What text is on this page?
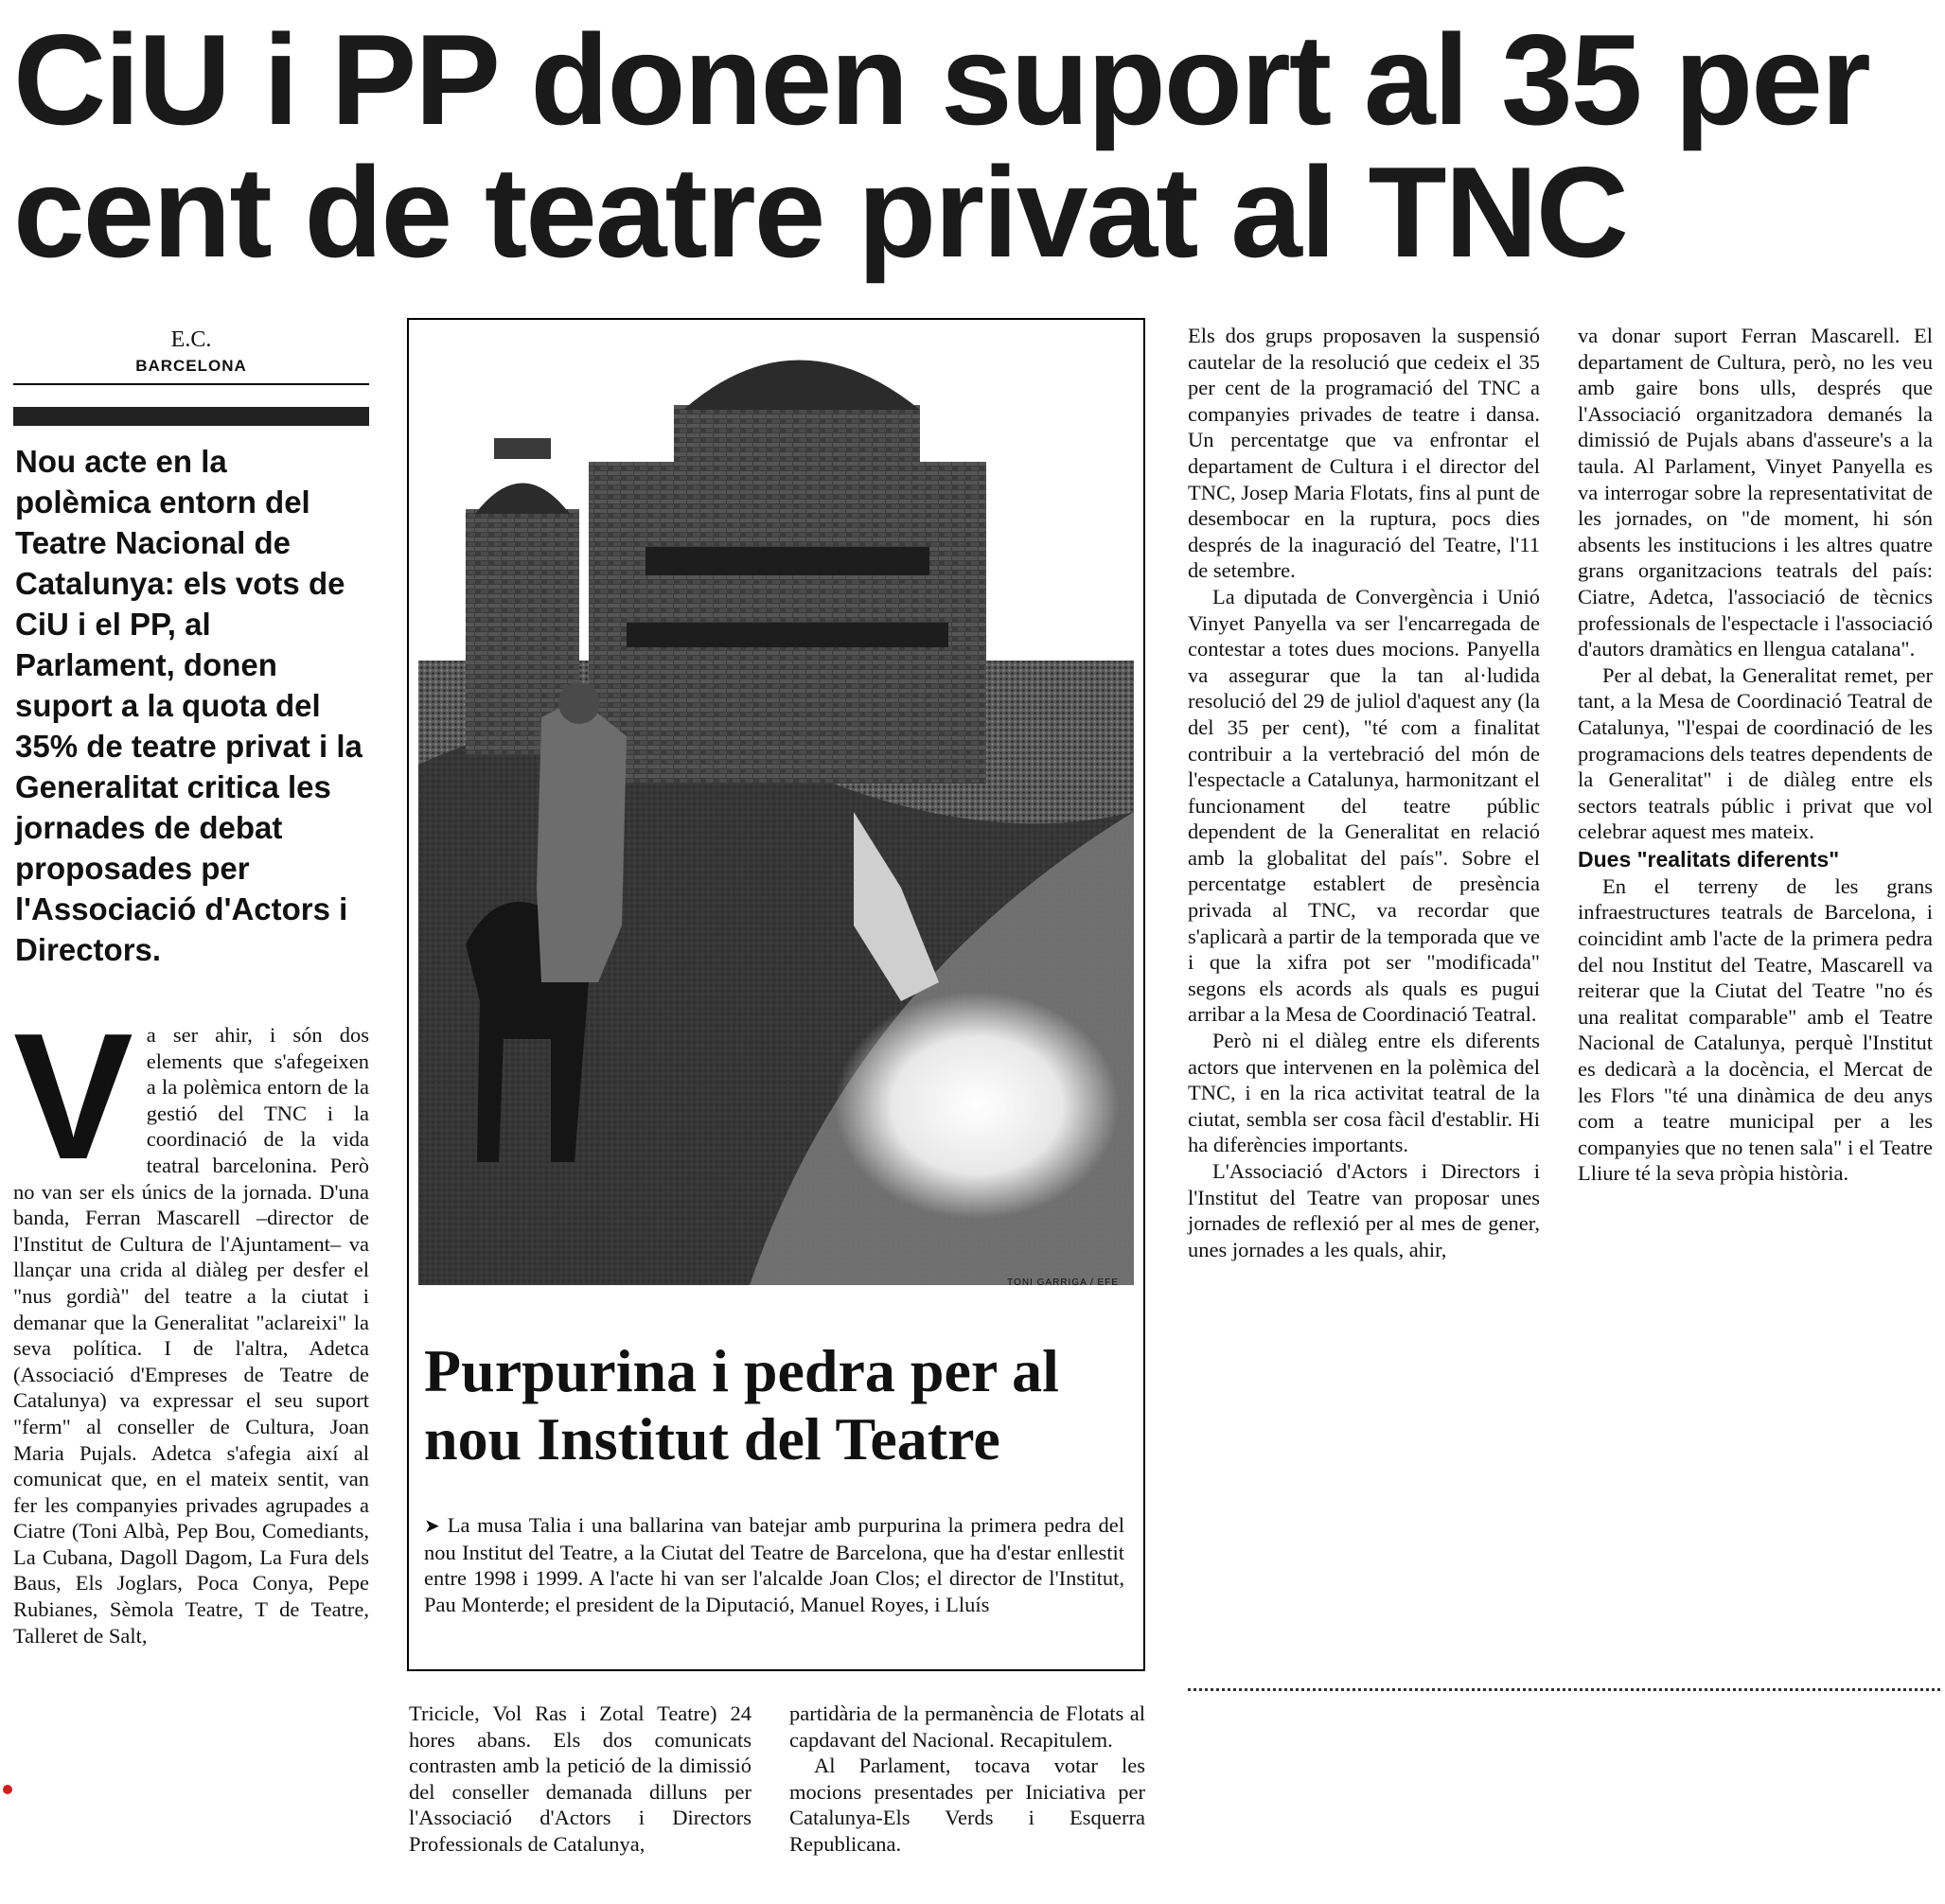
CiU i PP donen suport al 35 per
cent de teatre privat al TNC
E.C.
BARCELONA

Nou acte en la polèmica entorn del Teatre Nacional de Catalunya: els vots de CiU i el PP, al Parlament, donen suport a la quota del 35% de teatre privat i la Generalitat critica les jornades de debat proposades per l'Associació d'Actors i Directors.

Va ser ahir, i són dos elements que s'afegeixen a la polèmica entorn de la gestió del TNC i la coordinació de la vida teatral barcelonina. Però no van ser els únics de la jornada. D'una banda, Ferran Mascarell –director de l'Institut de Cultura de l'Ajuntament– va llançar una crida al diàleg per desfer el "nus gordià" del teatre a la ciutat i demanar que la Generalitat "aclareixi" la seva política. I de l'altra, Adetca (Associació d'Empreses de Teatre de Catalunya) va expressar el seu suport "ferm" al conseller de Cultura, Joan Maria Pujals. Adetca s'afegia així al comunicat que, en el mateix sentit, van fer les companyies privades agrupades a Ciatre (Toni Albà, Pep Bou, Comediants, La Cubana, Dagoll Dagom, La Fura dels Baus, Els Joglars, Poca Conya, Pepe Rubianes, Sèmola Teatre, T de Teatre, Talleret de Salt,

TONI GARRIGA / EFE
Purpurina i pedra per al
nou Institut del Teatre

➤ La musa Talia i una ballarina van batejar amb purpurina la primera pedra del nou Institut del Teatre, a la Ciutat del Teatre de Barcelona, que ha d'estar enllestit entre 1998 i 1999. A l'acte hi van ser l'alcalde Joan Clos; el director de l'Institut, Pau Monterde; el president de la Diputació, Manuel Royes, i Lluís

Tricicle, Vol Ras i Zotal Teatre) 24 hores abans. Els dos comunicats contrasten amb la petició de la dimissió del conseller demanada dilluns per l'Associació d'Actors i Directors Professionals de Catalunya,

partidària de la permanència de Flotats al capdavant del Nacional. Recapitulem.

Al Parlament, tocava votar les mocions presentades per Iniciativa per Catalunya-Els Verds i Esquerra Republicana.

Els dos grups proposaven la suspensió cautelar de la resolució que cedeix el 35 per cent de la programació del TNC a companyies privades de teatre i dansa. Un percentatge que va enfrontar el departament de Cultura i el director del TNC, Josep Maria Flotats, fins al punt de desembocar en la ruptura, pocs dies després de la inaguració del Teatre, l'11 de setembre.

La diputada de Convergència i Unió Vinyet Panyella va ser l'encarregada de contestar a totes dues mocions. Panyella va assegurar que la tan al·ludida resolució del 29 de juliol d'aquest any (la del 35 per cent), "té com a finalitat contribuir a la vertebració del món de l'espectacle a Catalunya, harmonitzant el funcionament del teatre públic dependent de la Generalitat en relació amb la globalitat del país". Sobre el percentatge establert de presència privada al TNC, va recordar que s'aplicarà a partir de la temporada que ve i que la xifra pot ser "modificada" segons els acords als quals es pugui arribar a la Mesa de Coordinació Teatral.

Però ni el diàleg entre els diferents actors que intervenen en la polèmica del TNC, i en la rica activitat teatral de la ciutat, sembla ser cosa fàcil d'establir. Hi ha diferències importants.

L'Associació d'Actors i Directors i l'Institut del Teatre van proposar unes jornades de reflexió per al mes de gener, unes jornades a les quals, ahir,

va donar suport Ferran Mascarell. El departament de Cultura, però, no les veu amb gaire bons ulls, després que l'Associació organitzadora demanés la dimissió de Pujals abans d'asseure's a la taula. Al Parlament, Vinyet Panyella es va interrogar sobre la representativitat de les jornades, on "de moment, hi són absents les institucions i les altres quatre grans organitzacions teatrals del país: Ciatre, Adetca, l'associació de tècnics professionals de l'espectacle i l'associació d'autors dramàtics en llengua catalana".

Per al debat, la Generalitat remet, per tant, a la Mesa de Coordinació Teatral de Catalunya, "l'espai de coordinació de les programacions dels teatres dependents de la Generalitat" i de diàleg entre els sectors teatrals públic i privat que vol celebrar aquest mes mateix.

Dues "realitats diferents"

En el terreny de les grans infraestructures teatrals de Barcelona, i coincidint amb l'acte de la primera pedra del nou Institut del Teatre, Mascarell va reiterar que la Ciutat del Teatre "no és una realitat comparable" amb el Teatre Nacional de Catalunya, perquè l'Institut es dedicarà a la docència, el Mercat de les Flors "té una dinàmica de deu anys com a teatre municipal per a les companyies que no tenen sala" i el Teatre Lliure té la seva pròpia història.
